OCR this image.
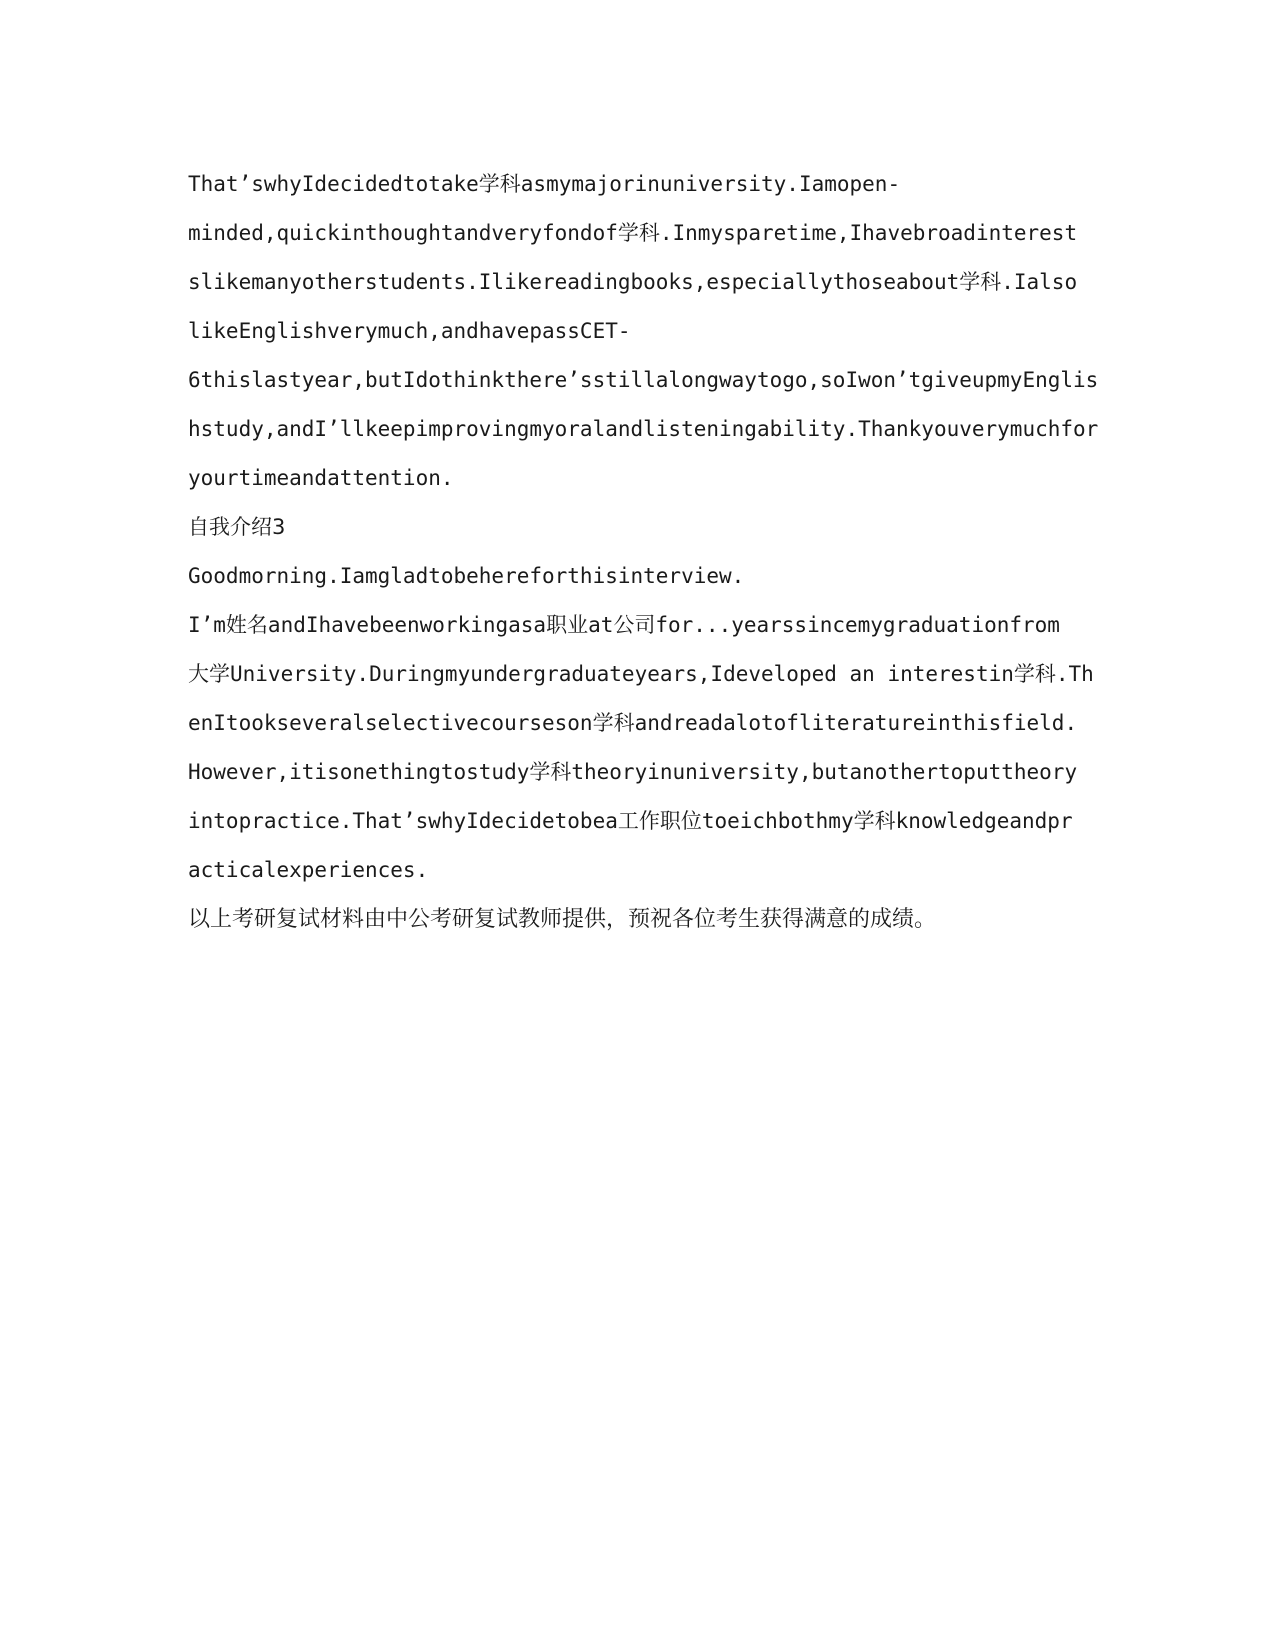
That’swhyIdecidedtotake学科asmymajorinuniversity.Iamopen-
minded,quickinthoughtandveryfondof学科.Inmysparetime,Ihavebroadinterest
slikemanyotherstudents.Ilikereadingbooks,especiallythoseabout学科.Ialso
likeEnglishverymuch,andhavepassCET-
6thislastyear,butIdothinkthere’sstillalongwaytogo,soIwon’tgiveupmyEnglis
hstudy,andI’llkeepimprovingmyoralandlisteningability.Thankyouverymuchfor
yourtimeandattention.
自我介绍3
Goodmorning.Iamgladtobehereforthisinterview.
I’m姓名andIhavebeenworkingasa职业at公司for...yearssincemygraduationfrom
大学University.Duringmyundergraduateyears,Ideveloped an interestin学科.Th
enItookseveralselectivecourseson学科andreadalotofliteratureinthisfield.
However,itisonethingtostudy学科theoryinuniversity,butanothertoputtheory
intopractice.That’swhyIdecidetobea工作职位toeichbothmy学科knowledgeandpr
acticalexperiences.
以上考研复试材料由中公考研复试教师提供，预祝各位考生获得满意的成绩。
